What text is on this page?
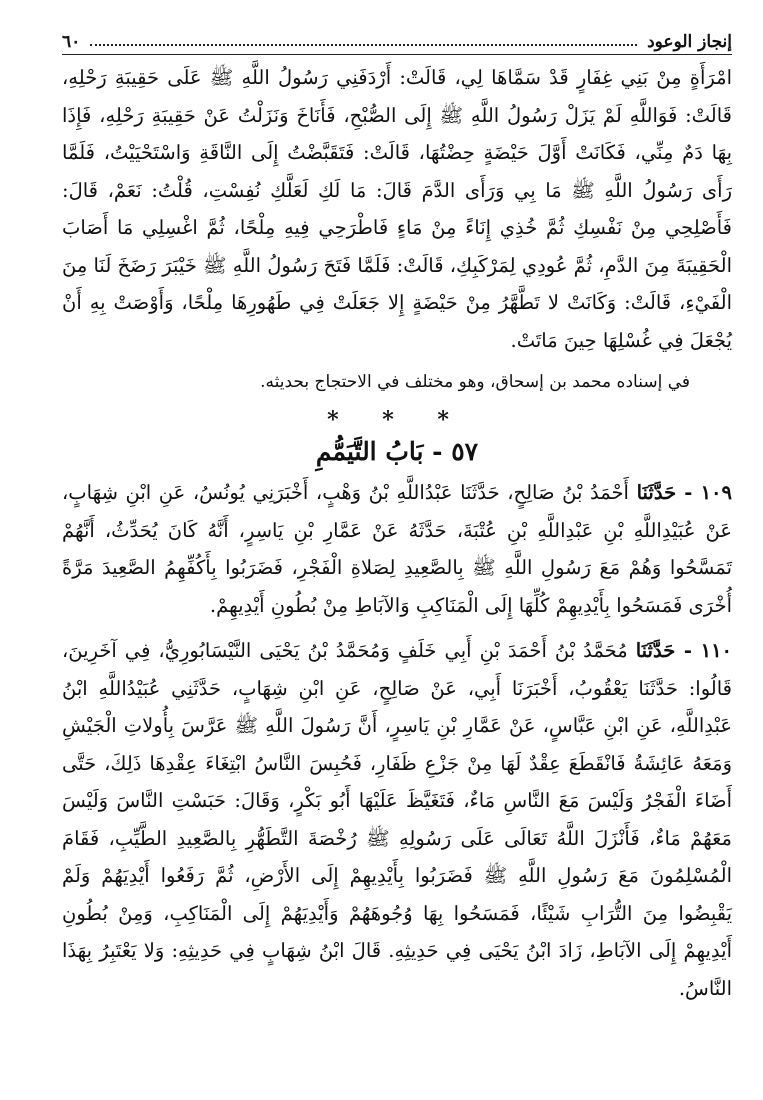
إنجاز الوعود
٦٠

امْرَأَةٍ مِنْ بَنِي غِفَارٍ قَدْ سَمَّاهَا لِي، قَالَتْ: أَرْدَفَنِي رَسُولُ اللَّهِ ﷺ عَلَى حَقِيبَةِ رَحْلِهِ، قَالَتْ: فَوَاللَّهِ لَمْ يَزَلْ رَسُولُ اللَّهِ ﷺ إِلَى الصُّبْحِ، فَأَنَاخَ وَنَزَلْتُ عَنْ حَقِيبَةِ رَحْلِهِ، فَإِذَا بِهَا دَمٌ مِنِّي، فَكَانَتْ أَوَّلَ حَيْضَةٍ حِضْتُهَا، قَالَتْ: فَتَقَبَّضْتُ إِلَى النَّاقَةِ وَاسْتَحْيَيْتُ، فَلَمَّا رَأَى رَسُولُ اللَّهِ ﷺ مَا بِي وَرَأَى الدَّمَ قَالَ: مَا لَكِ لَعَلَّكِ نُفِسْتِ، قُلْتُ: نَعَمْ، قَالَ: فَأَصْلِحِي مِنْ نَفْسِكِ ثُمَّ خُذِي إِنَاءً مِنْ مَاءٍ فَاطْرَحِي فِيهِ مِلْحًا، ثُمَّ اغْسِلِي مَا أَصَابَ الْحَقِيبَةَ مِنَ الدَّمِ، ثُمَّ عُودِي لِمَرْكَبِكِ، قَالَتْ: فَلَمَّا فَتَحَ رَسُولُ اللَّهِ ﷺ خَيْبَرَ رَضَخَ لَنَا مِنَ الْفَيْءِ، قَالَتْ: وَكَانَتْ لا تَطَّهَّرُ مِنْ حَيْضَةٍ إِلا جَعَلَتْ فِي طَهُورِهَا مِلْحًا، وَأَوْصَتْ بِهِ أَنْ يُجْعَلَ فِي غُسْلِهَا حِينَ مَاتَتْ.

في إسناده محمد بن إسحاق، وهو مختلف في الاحتجاج بحديثه.

* * *
٥٧ - بَابُ التَّيَمُّمِ

١٠٩ - حَدَّثَنَا أَحْمَدُ بْنُ صَالِحٍ، حَدَّثَنَا عَبْدُاللَّهِ بْنُ وَهْبٍ، أَخْبَرَنِي يُونُسُ، عَنِ ابْنِ شِهَابٍ، عَنْ عُبَيْدِاللَّهِ بْنِ عَبْدِاللَّهِ بْنِ عُتْبَةَ، حَدَّثَهُ عَنْ عَمَّارِ بْنِ يَاسِرٍ، أَنَّهُ كَانَ يُحَدِّثُ، أَنَّهُمْ تَمَسَّحُوا وَهُمْ مَعَ رَسُولِ اللَّهِ ﷺ بِالصَّعِيدِ لِصَلاةِ الْفَجْرِ، فَضَرَبُوا بِأَكُفِّهِمُ الصَّعِيدَ مَرَّةً أُخْرَى فَمَسَحُوا بِأَيْدِيهِمْ كُلِّهَا إِلَى الْمَنَاكِبِ وَالآبَاطِ مِنْ بُطُونِ أَيْدِيهِمْ.

١١٠ - حَدَّثَنَا مُحَمَّدُ بْنُ أَحْمَدَ بْنِ أَبِي خَلَفٍ وَمُحَمَّدُ بْنُ يَحْيَى النَّيْسَابُورِيُّ، فِي آخَرِينَ، قَالُوا: حَدَّثَنَا يَعْقُوبُ، أَخْبَرَنَا أَبِي، عَنْ صَالِحٍ، عَنِ ابْنِ شِهَابٍ، حَدَّثَنِي عُبَيْدُاللَّهِ ابْنُ عَبْدِاللَّهِ، عَنِ ابْنِ عَبَّاسٍ، عَنْ عَمَّارِ بْنِ يَاسِرٍ، أَنَّ رَسُولَ اللَّهِ ﷺ عَرَّسَ بِأُولاتِ الْجَيْشِ وَمَعَهُ عَائِشَةُ فَانْقَطَعَ عِقْدٌ لَهَا مِنْ جَزْعِ ظَفَارِ، فَحُبِسَ النَّاسُ ابْتِغَاءَ عِقْدِهَا ذَلِكَ، حَتَّى أَضَاءَ الْفَجْرُ وَلَيْسَ مَعَ النَّاسِ مَاءٌ، فَتَغَيَّظَ عَلَيْهَا أَبُو بَكْرٍ، وَقَالَ: حَبَسْتِ النَّاسَ وَلَيْسَ مَعَهُمْ مَاءٌ، فَأَنْزَلَ اللَّهُ تَعَالَى عَلَى رَسُولِهِ ﷺ رُخْصَةَ التَّطَهُّرِ بِالصَّعِيدِ الطَّيِّبِ، فَقَامَ الْمُسْلِمُونَ مَعَ رَسُولِ اللَّهِ ﷺ فَضَرَبُوا بِأَيْدِيهِمْ إِلَى الأَرْضِ، ثُمَّ رَفَعُوا أَيْدِيَهُمْ وَلَمْ يَقْبِضُوا مِنَ التُّرَابِ شَيْئًا، فَمَسَحُوا بِهَا وُجُوهَهُمْ وَأَيْدِيَهُمْ إِلَى الْمَنَاكِبِ، وَمِنْ بُطُونِ أَيْدِيهِمْ إِلَى الآبَاطِ، زَادَ ابْنُ يَحْيَى فِي حَدِيثِهِ. قَالَ ابْنُ شِهَابٍ فِي حَدِيثِهِ: وَلا يَعْتَبِرُ بِهَذَا النَّاسُ.
